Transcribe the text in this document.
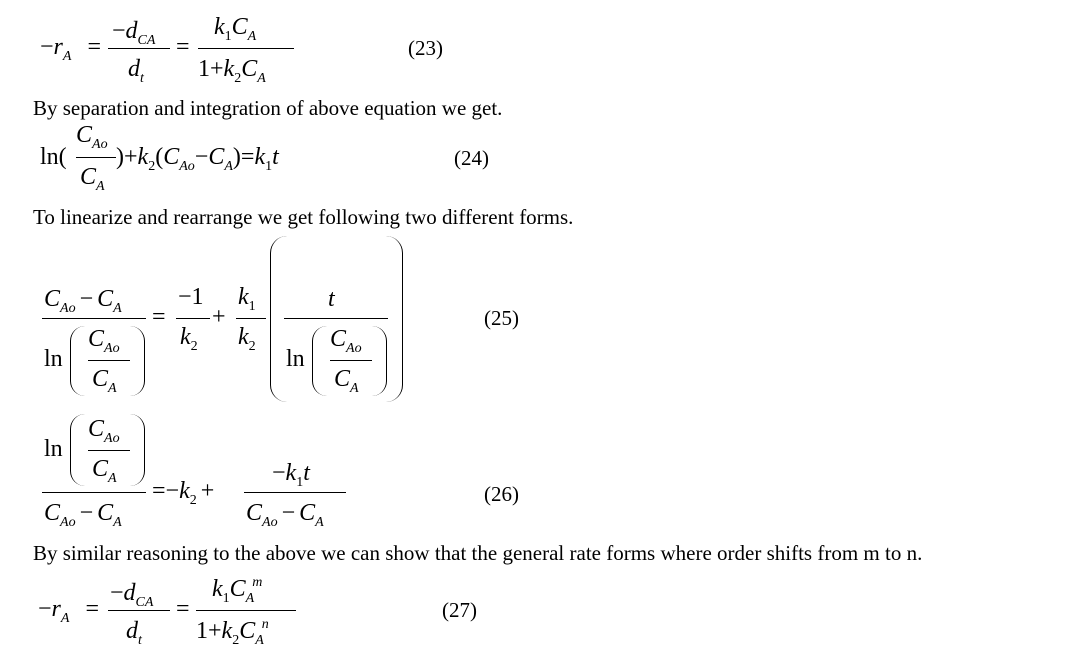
$-r_A$ =
$-d_{CA}$
$d_t$
=
$k_1C_A$
$1+k_2C_A$
(23)
By separation and integration of above equation we get.
ln(
$C_{Ao}$
$C_A$
)$+k_2(C_{Ao}-C_A)=k_1t$	(24)
To linearize and rearrange we get following two different forms.
$C_{Ao} - C_A$
ln
$C_{Ao}$
$C_A$
=
−1
$k_2$
+
$k_1$
$k_2$
t
ln
$C_{Ao}$
$C_A$
(25)
ln
$C_{Ao}$
$C_A$
$C_{Ao} - C_A$
$=-k_2$ +
$-k_1t$
$C_{Ao} - C_A$
(26)
By similar reasoning to the above we can show that the general rate forms where order shifts from m to n.
$-r_A$ =
$-d_{CA}$
$d_t$
=
$k_1C_A^m$
$1+k_2C_A^n$
(27)
